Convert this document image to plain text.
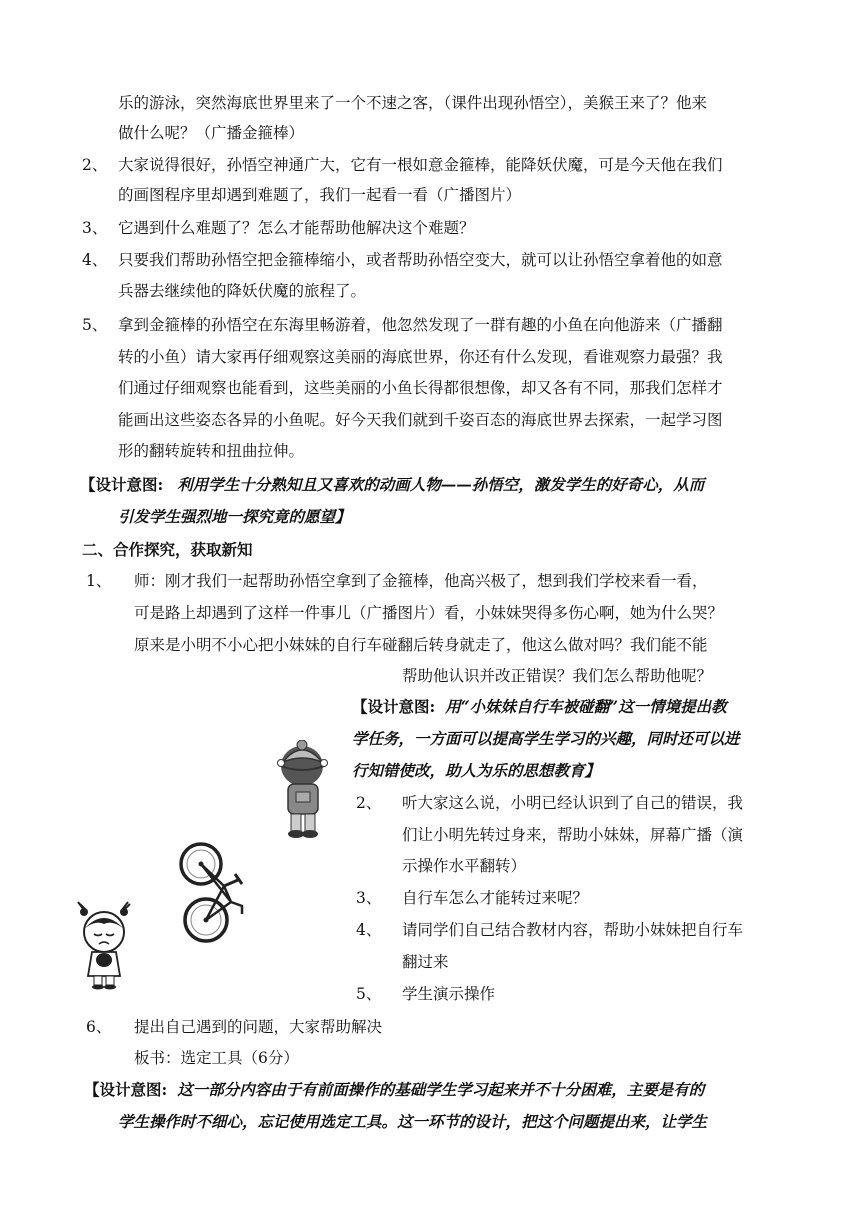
乐的游泳，突然海底世界里来了一个不速之客，（课件出现孙悟空），美猴王来了？他来
做什么呢？（广播金箍棒）
2、 大家说得很好，孙悟空神通广大，它有一根如意金箍棒，能降妖伏魔，可是今天他在我们
的画图程序里却遇到难题了，我们一起看一看（广播图片）
3、 它遇到什么难题了？怎么才能帮助他解决这个难题？
4、 只要我们帮助孙悟空把金箍棒缩小，或者帮助孙悟空变大，就可以让孙悟空拿着他的如意
兵器去继续他的降妖伏魔的旅程了。
5、 拿到金箍棒的孙悟空在东海里畅游着，他忽然发现了一群有趣的小鱼在向他游来（广播翻
转的小鱼）请大家再仔细观察这美丽的海底世界，你还有什么发现，看谁观察力最强？我
们通过仔细观察也能看到，这些美丽的小鱼长得都很想像，却又各有不同，那我们怎样才
能画出这些姿态各异的小鱼呢。好今天我们就到千姿百态的海底世界去探索，一起学习图
形的翻转旋转和扭曲拉伸。
【设计意图: 利用学生十分熟知且又喜欢的动画人物——孙悟空，激发学生的好奇心，从而
引发学生强烈地一探究竟的愿望】
二、合作探究，获取新知
1、 师：刚才我们一起帮助孙悟空拿到了金箍棒，他高兴极了，想到我们学校来看一看，
可是路上却遇到了这样一件事儿（广播图片）看，小妹妹哭得多伤心啊，她为什么哭？
原来是小明不小心把小妹妹的自行车碰翻后转身就走了，他这么做对吗？我们能不能
帮助他认识并改正错误？我们怎么帮助他呢？
【设计意图: 用“小妹妹自行车被碰翻”这一情境提出教
学任务，一方面可以提高学生学习的兴趣，同时还可以进
行知错使改，助人为乐的思想教育】
2、 听大家这么说，小明已经认识到了自己的错误，我
们让小明先转过身来，帮助小妹妹，屏幕广播（演
示操作水平翻转）
3、 自行车怎么才能转过来呢？
4、 请同学们自己结合教材内容，帮助小妹妹把自行车
翻过来
5、 学生演示操作
6、 提出自己遇到的问题，大家帮助解决
板书：选定工具（6分）
【设计意图: 这一部分内容由于有前面操作的基础学生学习起来并不十分困难，主要是有的
学生操作时不细心，忘记使用选定工具。这一环节的设计，把这个问题提出来，让学生
